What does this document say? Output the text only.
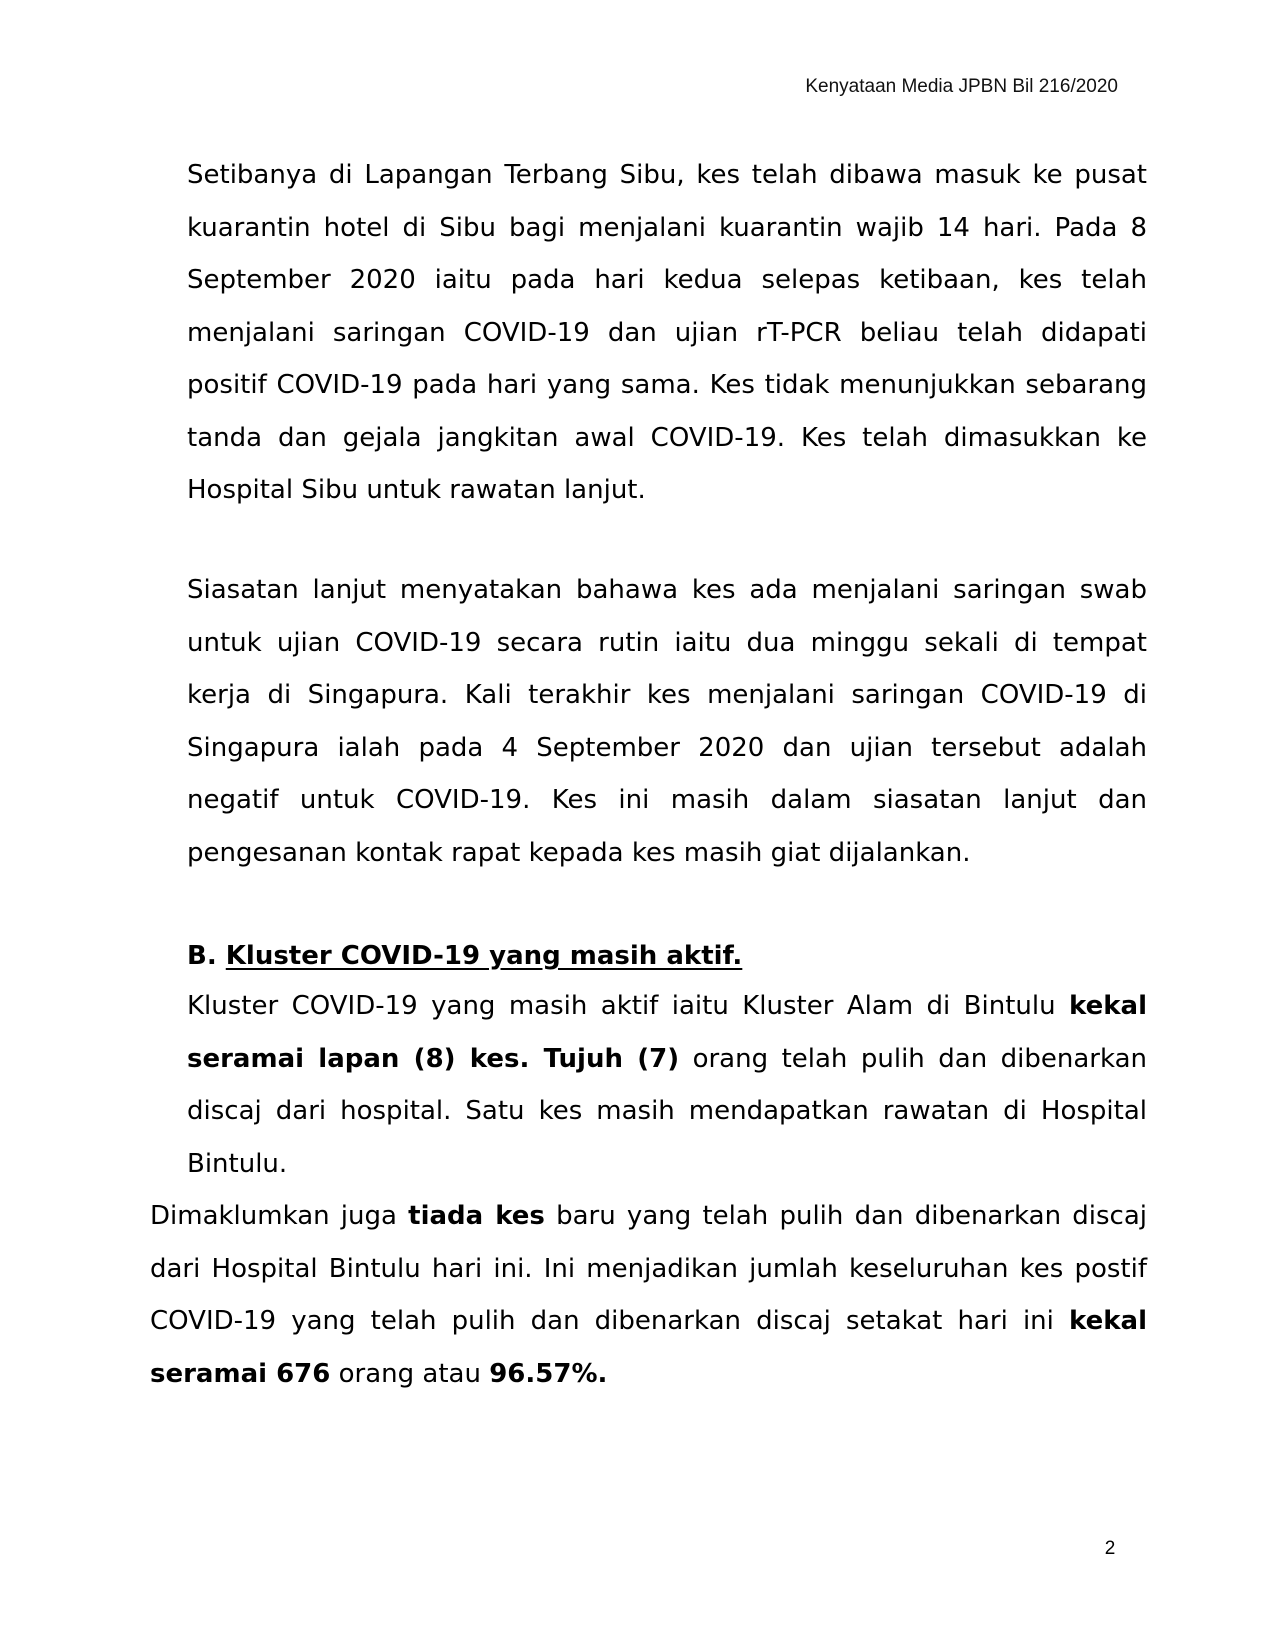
Kenyataan Media JPBN Bil 216/2020

Setibanya di Lapangan Terbang Sibu, kes telah dibawa masuk ke pusat kuarantin hotel di Sibu bagi menjalani kuarantin wajib 14 hari. Pada 8 September 2020 iaitu pada hari kedua selepas ketibaan, kes telah menjalani saringan COVID-19 dan ujian rT-PCR beliau telah didapati positif COVID-19 pada hari yang sama. Kes tidak menunjukkan sebarang tanda dan gejala jangkitan awal COVID-19. Kes telah dimasukkan ke Hospital Sibu untuk rawatan lanjut.

Siasatan lanjut menyatakan bahawa kes ada menjalani saringan swab untuk ujian COVID-19 secara rutin iaitu dua minggu sekali di tempat kerja di Singapura. Kali terakhir kes menjalani saringan COVID-19 di Singapura ialah pada 4 September 2020 dan ujian tersebut adalah negatif untuk COVID-19. Kes ini masih dalam siasatan lanjut dan pengesanan kontak rapat kepada kes masih giat dijalankan.

B. Kluster COVID-19 yang masih aktif.

Kluster COVID-19 yang masih aktif iaitu Kluster Alam di Bintulu kekal seramai lapan (8) kes. Tujuh (7) orang telah pulih dan dibenarkan discaj dari hospital. Satu kes masih mendapatkan rawatan di Hospital Bintulu.

Dimaklumkan juga tiada kes baru yang telah pulih dan dibenarkan discaj dari Hospital Bintulu hari ini. Ini menjadikan jumlah keseluruhan kes postif COVID-19 yang telah pulih dan dibenarkan discaj setakat hari ini kekal seramai 676 orang atau 96.57%.

2
